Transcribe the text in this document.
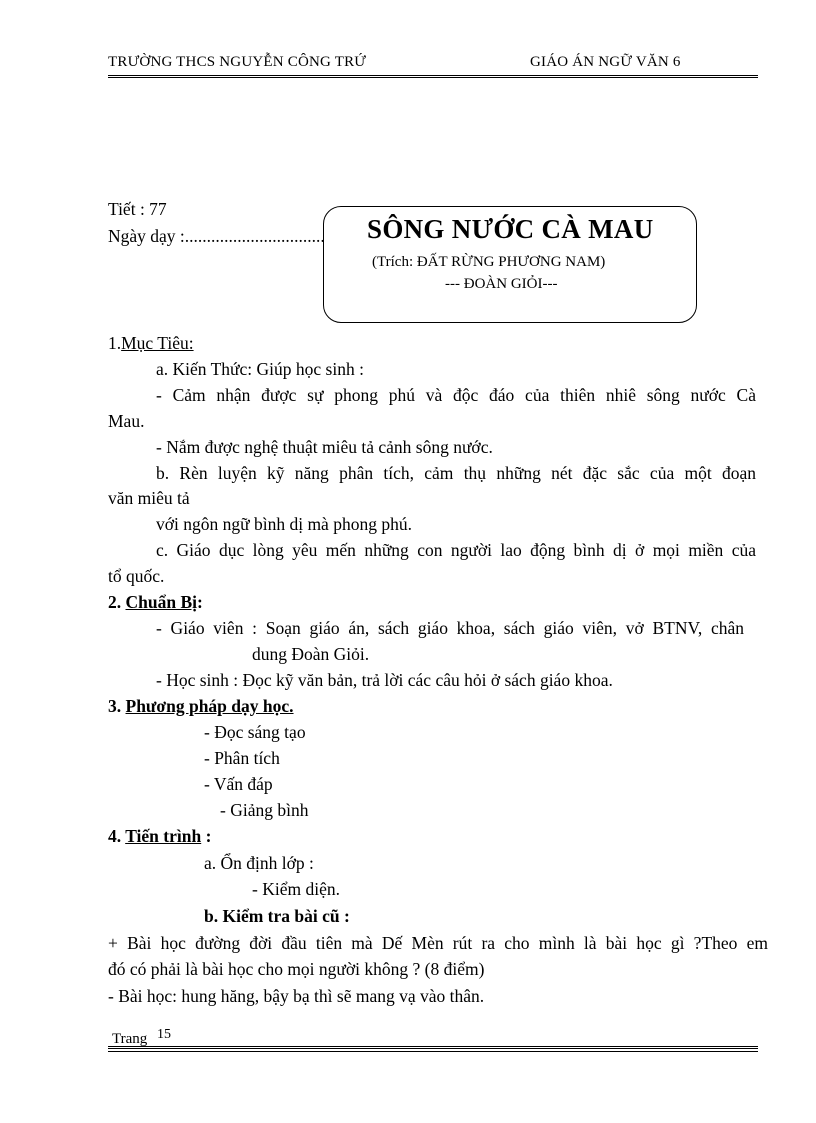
TRƯỜNG THCS NGUYỄN CÔNG TRỨ	GIÁO ÁN NGỮ VĂN 6
Tiết : 77
Ngày dạy :................................ SÔNG NƯỚC CÀ MAU
(Trích: ĐẤT RỪNG PHƯƠNG NAM)
--- ĐOÀN GIỎI---
1.Mục Tiêu:
a. Kiến Thức: Giúp học sinh :
- Cảm nhận được sự phong phú và độc đáo của thiên nhiê sông nước Cà
Mau.
- Nắm được nghệ thuật miêu tả cảnh sông nước.
b. Rèn luyện kỹ năng phân tích, cảm thụ những nét đặc sắc của một đoạn
văn miêu tả
với ngôn ngữ bình dị mà phong phú.
c. Giáo dục lòng yêu mến những con người lao động bình dị ở mọi miền của
tổ quốc.
2. Chuẩn Bị:
- Giáo viên : Soạn giáo án, sách giáo khoa, sách giáo viên, vở BTNV, chân
dung Đoàn Giỏi.
- Học sinh : Đọc kỹ văn bản, trả lời các câu hỏi ở sách giáo khoa.
3. Phương pháp dạy học.
- Đọc sáng tạo
- Phân tích
- Vấn đáp
- Giảng bình
4. Tiến trình :
a. Ổn định lớp :
- Kiểm diện.
b. Kiểm tra bài cũ :
+ Bài học đường đời đầu tiên mà Dế Mèn rút ra cho mình là bài học gì ?Theo em
đó có phải là bài học cho mọi người không ? (8 điểm)
- Bài học: hung hăng, bậy bạ thì sẽ mang vạ vào thân.
Trang 15
